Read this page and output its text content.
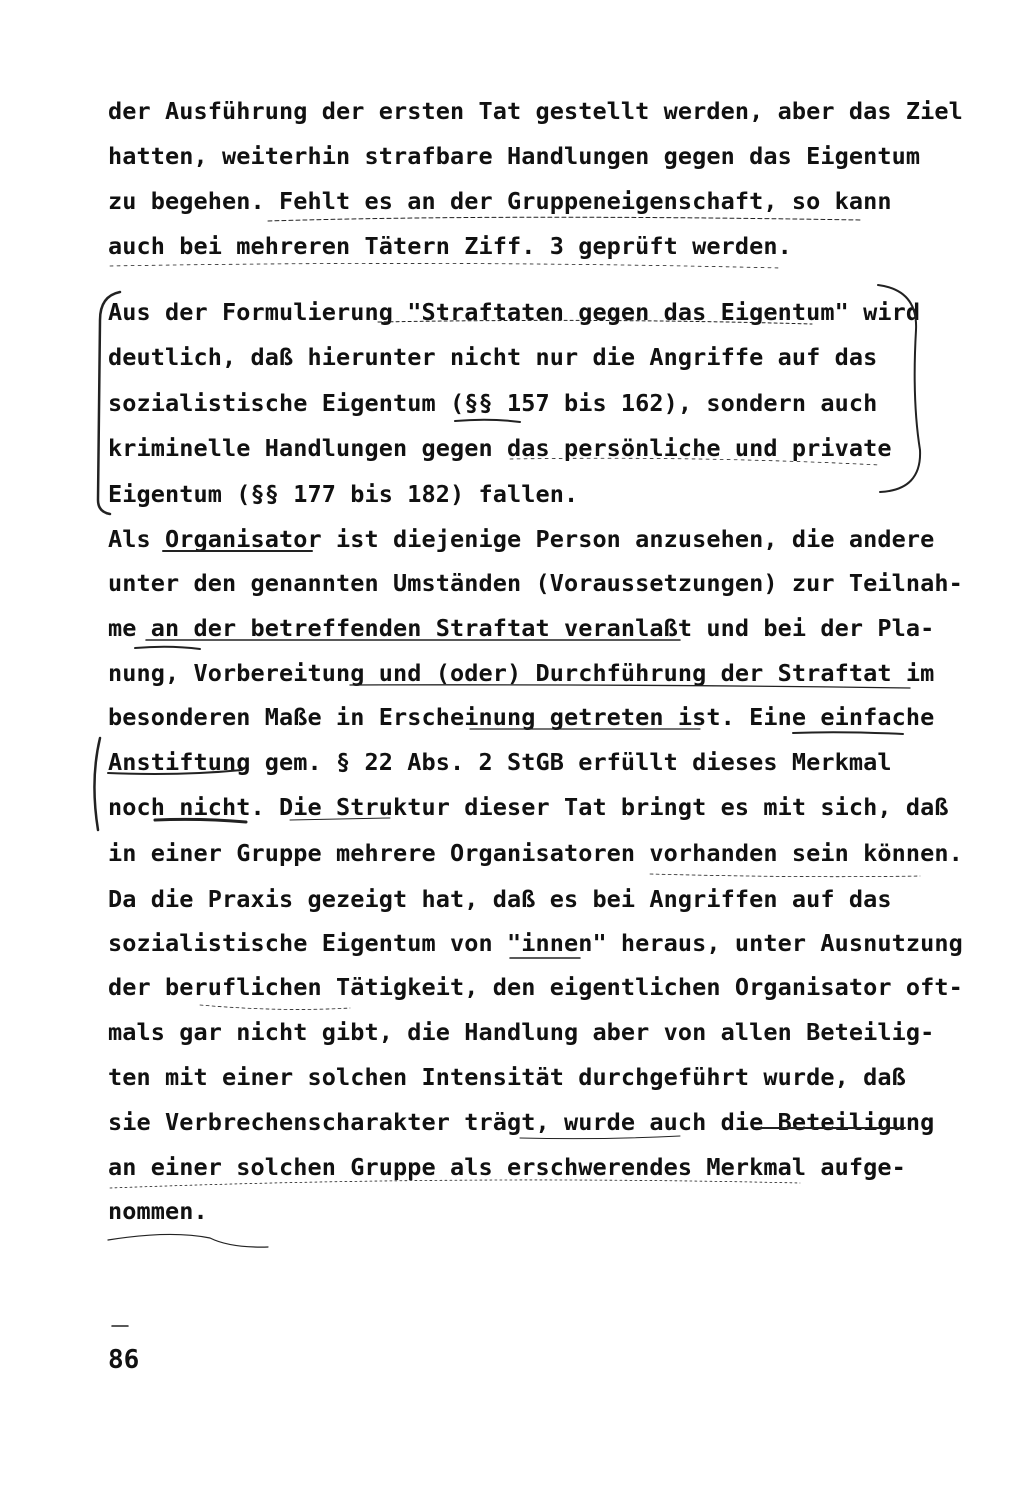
der Ausführung der ersten Tat gestellt werden, aber das Ziel
hatten, weiterhin strafbare Handlungen gegen das Eigentum
zu begehen. Fehlt es an der Gruppeneigenschaft, so kann
auch bei mehreren Tätern Ziff. 3 geprüft werden.
Aus der Formulierung "Straftaten gegen das Eigentum" wird
deutlich, daß hierunter nicht nur die Angriffe auf das
sozialistische Eigentum (§§ 157 bis 162), sondern auch
kriminelle Handlungen gegen das persönliche und private
Eigentum (§§ 177 bis 182) fallen.
Als Organisator ist diejenige Person anzusehen, die andere
unter den genannten Umständen (Voraussetzungen) zur Teilnah-
me an der betreffenden Straftat veranlaßt und bei der Pla-
nung, Vorbereitung und (oder) Durchführung der Straftat im
besonderen Maße in Erscheinung getreten ist. Eine einfache
Anstiftung gem. § 22 Abs. 2 StGB erfüllt dieses Merkmal
noch nicht. Die Struktur dieser Tat bringt es mit sich, daß
in einer Gruppe mehrere Organisatoren vorhanden sein können.
Da die Praxis gezeigt hat, daß es bei Angriffen auf das
sozialistische Eigentum von "innen" heraus, unter Ausnutzung
der beruflichen Tätigkeit, den eigentlichen Organisator oft-
mals gar nicht gibt, die Handlung aber von allen Beteilig-
ten mit einer solchen Intensität durchgeführt wurde, daß
sie Verbrechenscharakter trägt, wurde auch die Beteiligung
an einer solchen Gruppe als erschwerendes Merkmal aufge-
nommen.
86
